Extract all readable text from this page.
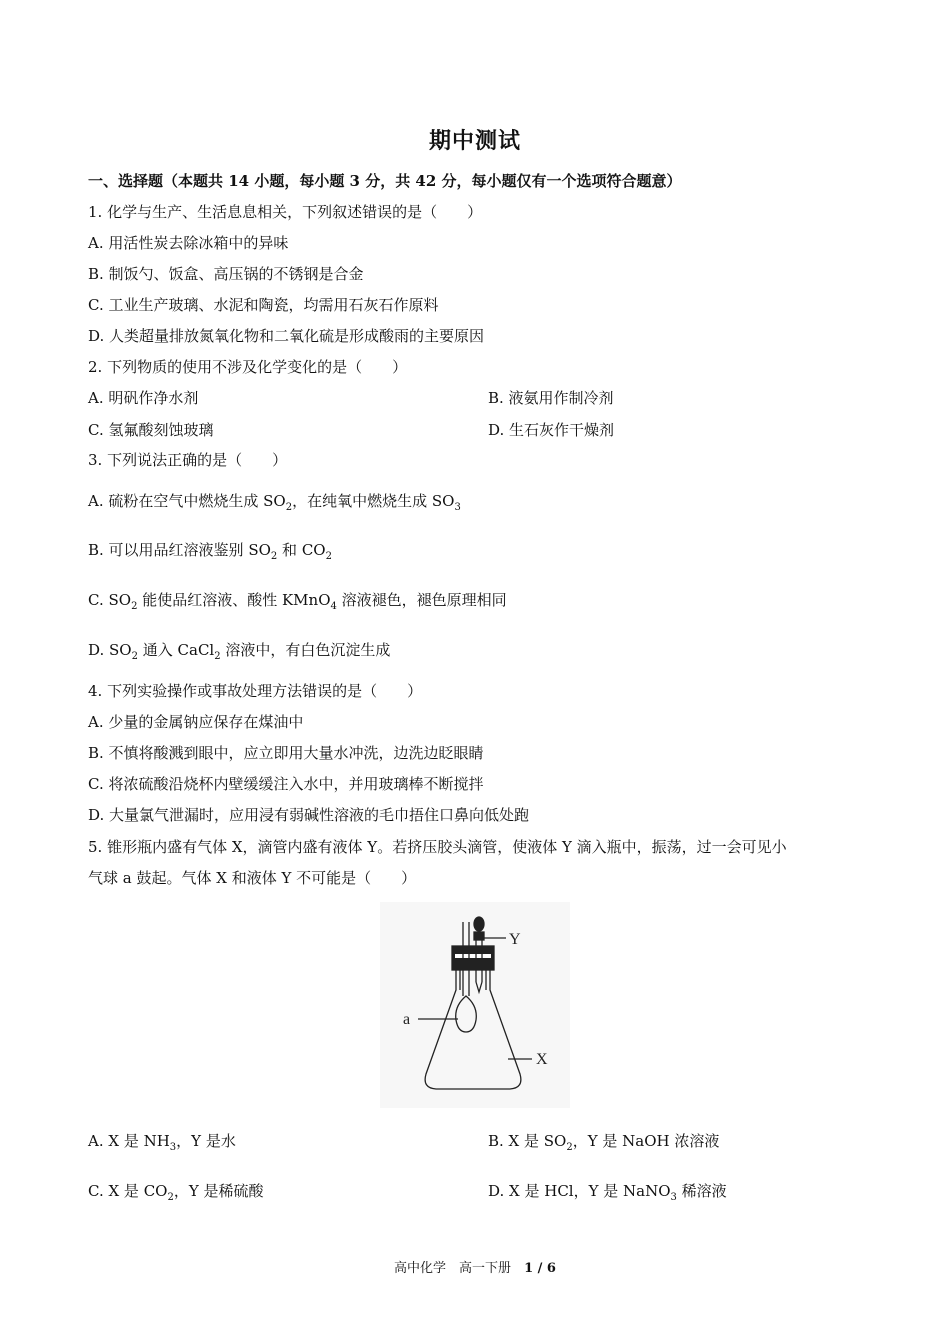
期中测试
一、选择题（本题共 14 小题，每小题 3 分，共 42 分，每小题仅有一个选项符合题意）
1. 化学与生产、生活息息相关，下列叙述错误的是（　　）
A. 用活性炭去除冰箱中的异味
B. 制饭勺、饭盒、高压锅的不锈钢是合金
C. 工业生产玻璃、水泥和陶瓷，均需用石灰石作原料
D. 人类超量排放氮氧化物和二氧化硫是形成酸雨的主要原因
2. 下列物质的使用不涉及化学变化的是（　　）
A. 明矾作净水剂	B. 液氨用作制冷剂
C. 氢氟酸刻蚀玻璃	D. 生石灰作干燥剂
3. 下列说法正确的是（　　）
A. 硫粉在空气中燃烧生成 $SO_2$，在纯氧中燃烧生成 $SO_3$
B. 可以用品红溶液鉴别 $SO_2$ 和 $CO_2$
C. $SO_2$ 能使品红溶液、酸性 KMnO$_4$ 溶液褪色，褪色原理相同
D. $SO_2$ 通入 CaCl$_2$ 溶液中，有白色沉淀生成
4. 下列实验操作或事故处理方法错误的是（　　）
A. 少量的金属钠应保存在煤油中
B. 不慎将酸溅到眼中，应立即用大量水冲洗，边洗边眨眼睛
C. 将浓硫酸沿烧杯内壁缓缓注入水中，并用玻璃棒不断搅拌
D. 大量氯气泄漏时，应用浸有弱碱性溶液的毛巾捂住口鼻向低处跑
5. 锥形瓶内盛有气体 X，滴管内盛有液体 Y。若挤压胶头滴管，使液体 Y 滴入瓶中，振荡，过一会可见小
气球 a 鼓起。气体 X 和液体 Y 不可能是（　　）
Y
a
X
A. X 是 $NH_3$，Y 是水	B. X 是 $SO_2$，Y 是 NaOH 浓溶液
C. X 是 $CO_2$，Y 是稀硫酸	D. X 是 HCl，Y 是 NaNO$_3$ 稀溶液
高中化学　高一下册　1 / 6
